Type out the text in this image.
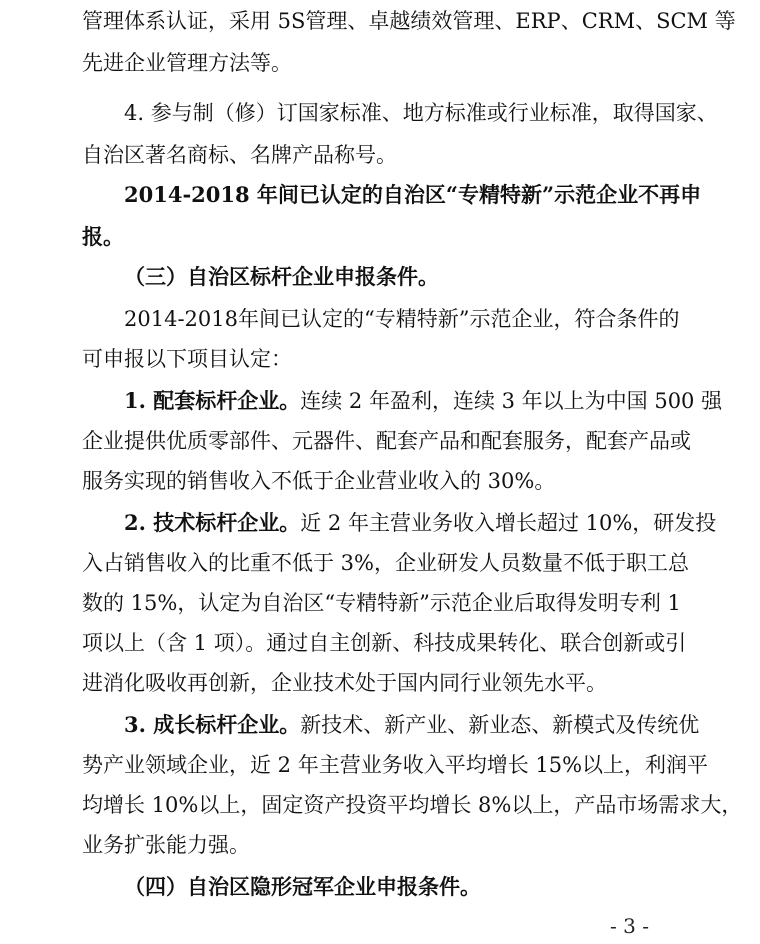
管理体系认证，采用 5S管理、卓越绩效管理、ERP、CRM、SCM 等
先进企业管理方法等。
4. 参与制（修）订国家标准、地方标准或行业标准，取得国家、
自治区著名商标、名牌产品称号。
2014-2018 年间已认定的自治区“专精特新”示范企业不再申
报。
（三）自治区标杆企业申报条件。
2014-2018年间已认定的“专精特新”示范企业，符合条件的
可申报以下项目认定：
1. 配套标杆企业。连续 2 年盈利，连续 3 年以上为中国 500 强
企业提供优质零部件、元器件、配套产品和配套服务，配套产品或
服务实现的销售收入不低于企业营业收入的 30%。
2. 技术标杆企业。近 2 年主营业务收入增长超过 10%，研发投
入占销售收入的比重不低于 3%，企业研发人员数量不低于职工总
数的 15%，认定为自治区“专精特新”示范企业后取得发明专利 1
项以上（含 1 项）。通过自主创新、科技成果转化、联合创新或引
进消化吸收再创新，企业技术处于国内同行业领先水平。
3. 成长标杆企业。新技术、新产业、新业态、新模式及传统优
势产业领域企业，近 2 年主营业务收入平均增长 15%以上，利润平
均增长 10%以上，固定资产投资平均增长 8%以上，产品市场需求大，
业务扩张能力强。
（四）自治区隐形冠军企业申报条件。
- 3 -
